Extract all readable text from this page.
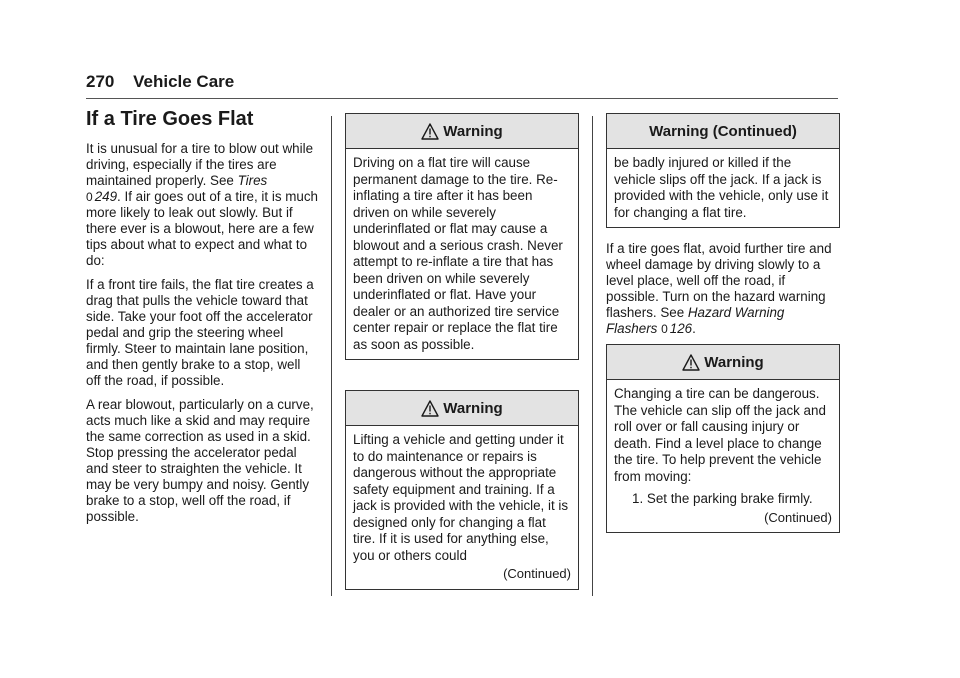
270 Vehicle Care
If a Tire Goes Flat

It is unusual for a tire to blow out while driving, especially if the tires are maintained properly. See Tires
0 249. If air goes out of a tire, it is much more likely to leak out slowly. But if there ever is a blowout, here are a few tips about what to expect and what to do:

If a front tire fails, the flat tire creates a drag that pulls the vehicle toward that side. Take your foot off the accelerator pedal and grip the steering wheel firmly. Steer to maintain lane position, and then gently brake to a stop, well off the road, if possible.

A rear blowout, particularly on a curve, acts much like a skid and may require the same correction as used in a skid. Stop pressing the accelerator pedal and steer to straighten the vehicle. It may be very bumpy and noisy. Gently brake to a stop, well off the road, if possible.

Warning
Driving on a flat tire will cause permanent damage to the tire. Re-inflating a tire after it has been driven on while severely underinflated or flat may cause a blowout and a serious crash. Never attempt to re-inflate a tire that has been driven on while severely underinflated or flat. Have your dealer or an authorized tire service center repair or replace the flat tire as soon as possible.
Warning
Lifting a vehicle and getting under it to do maintenance or repairs is dangerous without the appropriate safety equipment and training. If a jack is provided with the vehicle, it is designed only for changing a flat tire. If it is used for anything else, you or others could
(Continued)
Warning (Continued)
be badly injured or killed if the vehicle slips off the jack. If a jack is provided with the vehicle, only use it for changing a flat tire.

If a tire goes flat, avoid further tire and wheel damage by driving slowly to a level place, well off the road, if possible. Turn on the hazard warning flashers. See Hazard Warning Flashers 0 126.

Warning
Changing a tire can be dangerous. The vehicle can slip off the jack and roll over or fall causing injury or death. Find a level place to change the tire. To help prevent the vehicle from moving:
1. Set the parking brake firmly.
(Continued)
